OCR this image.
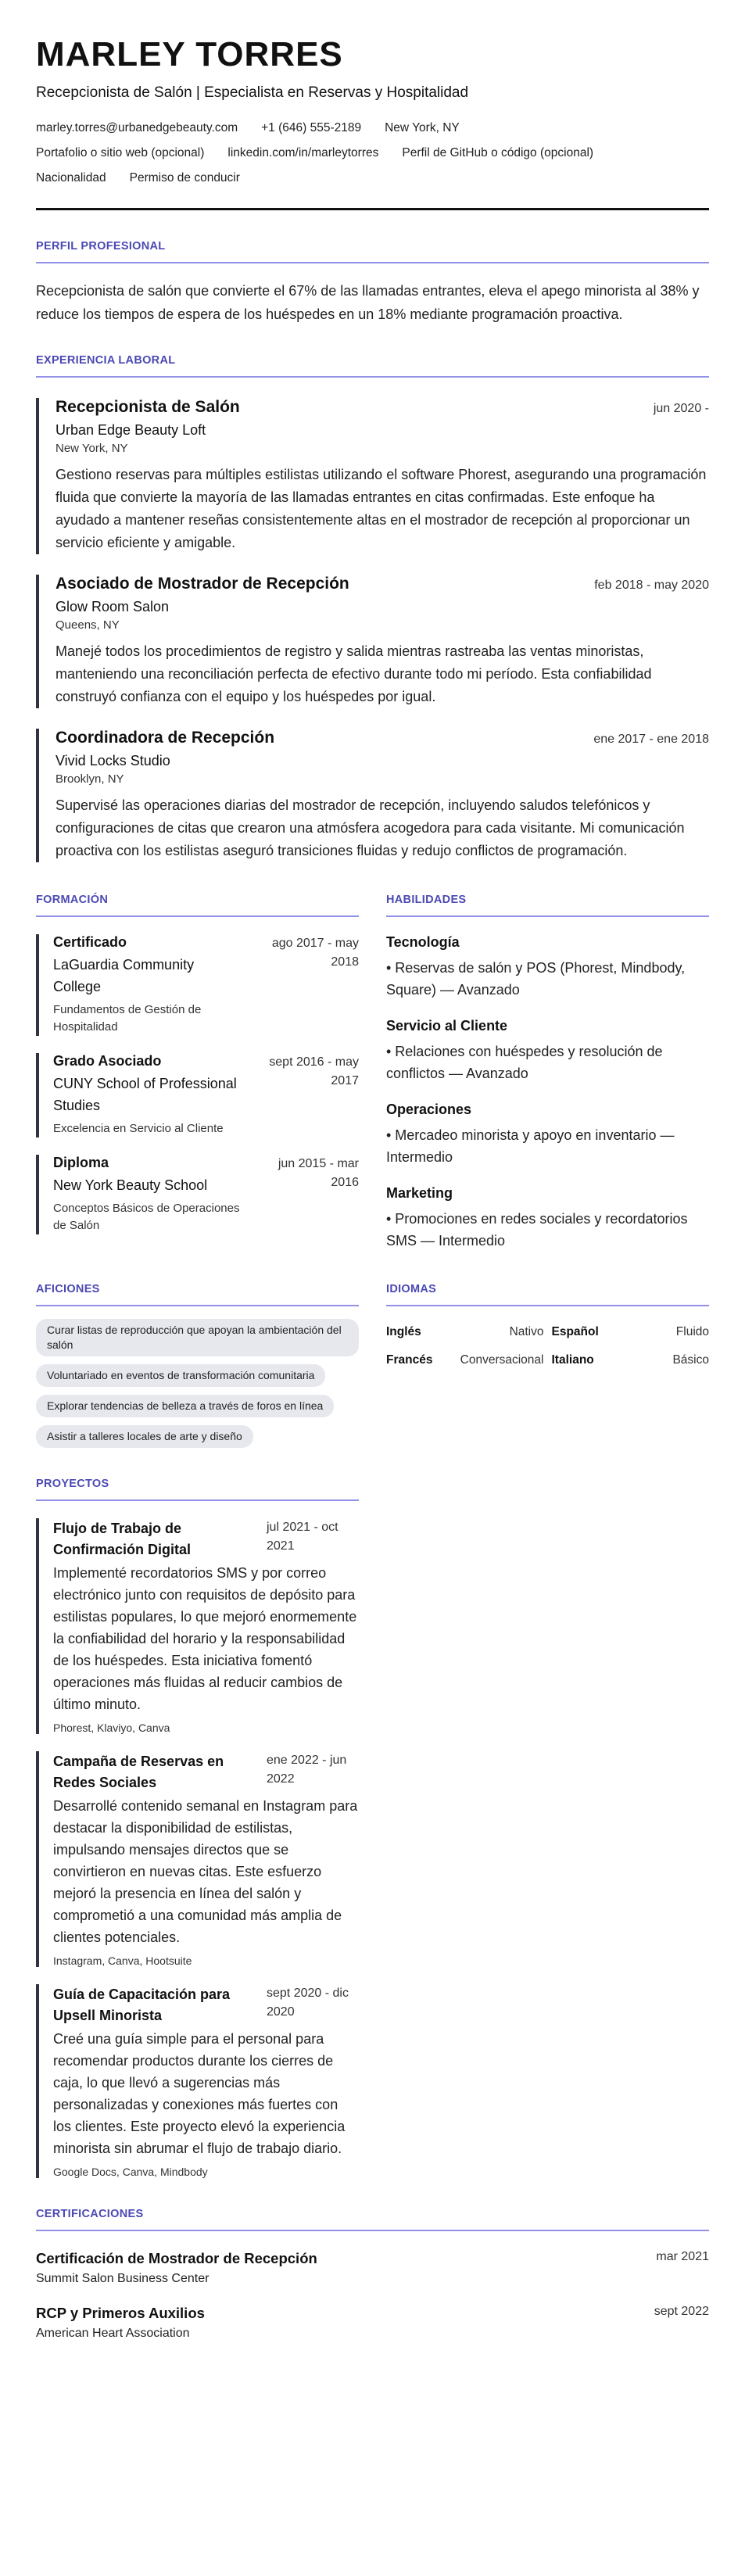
MARLEY TORRES
Recepcionista de Salón | Especialista en Reservas y Hospitalidad
marley.torres@urbanedgebeauty.com +1 (646) 555-2189 New York, NY
Portafolio o sitio web (opcional) linkedin.com/in/marleytorres Perfil de GitHub o código (opcional)
Nacionalidad Permiso de conducir
PERFIL PROFESIONAL
Recepcionista de salón que convierte el 67% de las llamadas entrantes, eleva el apego minorista al 38% y reduce los tiempos de espera de los huéspedes en un 18% mediante programación proactiva.
EXPERIENCIA LABORAL
Recepcionista de Salón	jun 2020 -
Urban Edge Beauty Loft
New York, NY
Gestiono reservas para múltiples estilistas utilizando el software Phorest, asegurando una programación fluida que convierte la mayoría de las llamadas entrantes en citas confirmadas. Este enfoque ha ayudado a mantener reseñas consistentemente altas en el mostrador de recepción al proporcionar un servicio eficiente y amigable.
Asociado de Mostrador de Recepción	feb 2018 - may 2020
Glow Room Salon
Queens, NY
Manejé todos los procedimientos de registro y salida mientras rastreaba las ventas minoristas, manteniendo una reconciliación perfecta de efectivo durante todo mi período. Esta confiabilidad construyó confianza con el equipo y los huéspedes por igual.
Coordinadora de Recepción	ene 2017 - ene 2018
Vivid Locks Studio
Brooklyn, NY
Supervisé las operaciones diarias del mostrador de recepción, incluyendo saludos telefónicos y configuraciones de citas que crearon una atmósfera acogedora para cada visitante. Mi comunicación proactiva con los estilistas aseguró transiciones fluidas y redujo conflictos de programación.
FORMACIÓN
Certificado
LaGuardia Community College
Fundamentos de Gestión de Hospitalidad
ago 2017 - may 2018
Grado Asociado
CUNY School of Professional Studies
Excelencia en Servicio al Cliente
sept 2016 - may 2017
Diploma
New York Beauty School
Conceptos Básicos de Operaciones de Salón
jun 2015 - mar 2016
HABILIDADES
Tecnología
• Reservas de salón y POS (Phorest, Mindbody, Square) — Avanzado
Servicio al Cliente
• Relaciones con huéspedes y resolución de conflictos — Avanzado
Operaciones
• Mercadeo minorista y apoyo en inventario — Intermedio
Marketing
• Promociones en redes sociales y recordatorios SMS — Intermedio
AFICIONES
Curar listas de reproducción que apoyan la ambientación del salón Voluntariado en eventos de transformación comunitaria Explorar tendencias de belleza a través de foros en línea Asistir a talleres locales de arte y diseño
IDIOMAS
Inglés	Nativo Español	Fluido
Francés Conversacional Italiano	Básico
PROYECTOS
Flujo de Trabajo de Confirmación Digital
jul 2021 - oct 2021
Implementé recordatorios SMS y por correo electrónico junto con requisitos de depósito para estilistas populares, lo que mejoró enormemente la confiabilidad del horario y la responsabilidad de los huéspedes. Esta iniciativa fomentó operaciones más fluidas al reducir cambios de último minuto.
Phorest, Klaviyo, Canva
Campaña de Reservas en Redes Sociales
ene 2022 - jun 2022
Desarrollé contenido semanal en Instagram para destacar la disponibilidad de estilistas, impulsando mensajes directos que se convirtieron en nuevas citas. Este esfuerzo mejoró la presencia en línea del salón y comprometió a una comunidad más amplia de clientes potenciales.
Instagram, Canva, Hootsuite
Guía de Capacitación para Upsell Minorista
sept 2020 - dic 2020
Creé una guía simple para el personal para recomendar productos durante los cierres de caja, lo que llevó a sugerencias más personalizadas y conexiones más fuertes con los clientes. Este proyecto elevó la experiencia minorista sin abrumar el flujo de trabajo diario.
Google Docs, Canva, Mindbody
CERTIFICACIONES
Certificación de Mostrador de Recepción
Summit Salon Business Center
mar 2021
RCP y Primeros Auxilios
American Heart Association
sept 2022
